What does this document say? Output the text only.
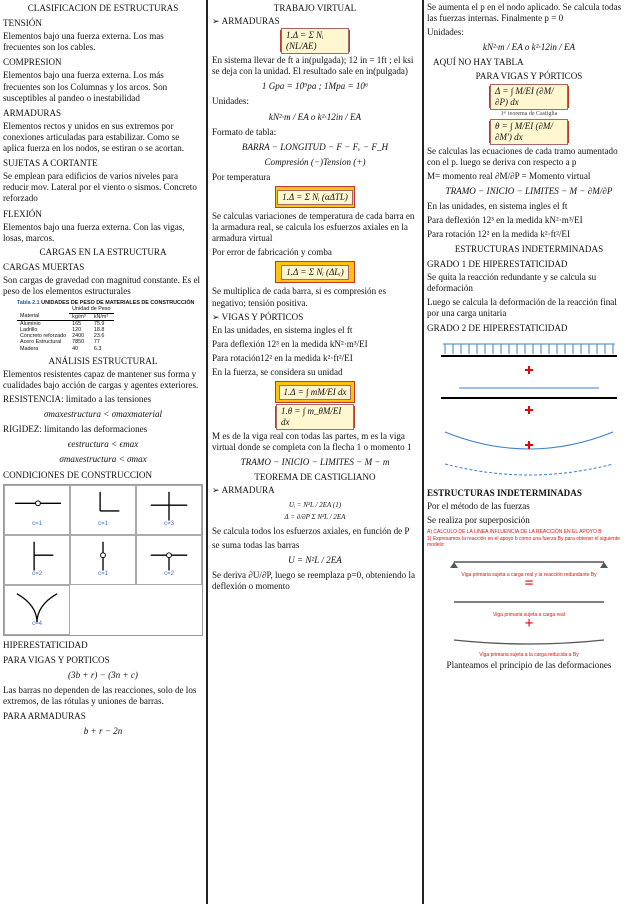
CLASIFICACION DE ESTRUCTURAS
TENSIÓN

Elementos bajo una fuerza externa. Los mas frecuentes son los cables.

COMPRESION

Elementos bajo una fuerza externa. Los más frecuentes son los Columnas y los arcos. Son susceptibles al pandeo o inestabilidad

ARMADURAS

Elementos rectos y unidos en sus extremos por conexiones articuladas para estabilizar. Como se aplica fuerza en los nodos, se estiran o se acortan.

SUJETAS A CORTANTE

Se emplean para edificios de varios niveles para reducir mov. Lateral por el viento o sismos. Concreto reforzado

FLEXIÓN

Elementos bajo una fuerza externa. Con las vigas, losas, marcos.

CARGAS EN LA ESTRUCTURA
CARGAS MUERTAS

Son cargas de gravedad con magnitud constante. Es el peso de los elementos estructurales

Tabla 2.1 UNIDADES DE PESO DE MATERIALES DE CONSTRUCCIÓN
	Unidad de Peso	
Material	kg/m³	kN/m³
Aluminio	165	75.9
Ladrillo	120	18.8
Concreto reforzado	2400	23.6
Acero Estructural	7850	77
Madera	40	6.3
ANÁLISIS ESTRUCTURAL

Elementos resistentes capaz de mantener sus forma y cualidades bajo acción de cargas y agentes exteriores.

RESISTENCIA: limitado a las tensiones

σmaxestructura < σmaxmaterial

RIGIDEZ: limitando las deformaciones

ϵestructura < ϵmax
σmaxestructura < σmax
CONDICIONES DE CONSTRUCCION
c=1	c=1	c=3
c=2	c=1	c=2
c=4
HIPERESTATICIDAD
PARA VIGAS Y PORTICOS
(3b + r) − (3n + c)

Las barras no dependen de las reacciones, solo de los extremos, de las rótulas y uniones de barras.

PARA ARMADURAS
b + r − 2n
TRABAJO VIRTUAL
➢ ARMADURAS
1.Δ = Σ Nᵢ (NL/AE)

En sistema llevar de ft a in(pulgada); 12 in = 1ft ; el ksi se deja con la unidad. El resultado sale en in(pulgada)

1 Gpa = 10⁹pa ; 1Mpa = 10⁶

Unidades:

kN²·m / EA o k²·12in / EA

Formato de tabla:

BARRA − LONGITUD − F − Fᵥ − F_H
Compresión (−)Tension (+)

Por temperatura

1.Δ = Σ Nᵢ (αΔTL)

Se calculas variaciones de temperatura de cada barra en la armadura real, se calcula los esfuerzos axiales en la armadura virtual

Por error de fabricación y comba

1.Δ = Σ Nᵢ (ΔLᵢ)

Se multiplica de cada barra, si es compresión es negativo; tensión positiva.

➢ VIGAS Y PÓRTICOS

En las unidades, en sistema ingles el ft

Para deflexión 12³ en la medida kN²·m³/EI

Para rotación12² en la medida k²·ft²/EI

En la fuerza, se considera su unidad

1.Δ = ∫ mM/EI dx
1.θ = ∫ m_θM/EI dx

M es de la viga real con todas las partes, m es la viga virtual donde se completa con la flecha 1 o momento 1

TRAMO − INICIO − LIMITES − M − m
TEOREMA DE CASTIGLIANO
➢ ARMADURA
Uᵢ = N²L / 2EA (1)
Δ = ∂/∂P Σ N²L / 2EA

Se calcula todos los esfuerzos axiales, en función de P

se suma todas las barras

U = N²L / 2EA

Se deriva ∂U/∂P, luego se reemplaza p=0, obteniendo la deflexión o momento

Se aumenta el p en el nodo aplicado. Se calcula todas las fuerzas internas. Finalmente p = 0

Unidades:

kN²·m / EA o k²·12in / EA
AQUÍ NO HAY TABLA
PARA VIGAS Y PÓRTICOS
Δ = ∫ M/EI (∂M/∂P) dx
1ᵉʳ teorema de Castiglia
θ = ∫ M/EI (∂M/∂M') dx

Se calculas las ecuaciones de cada tramo aumentado con el p. luego se deriva con respecto a p

M= momento real ∂M/∂P = Momento virtual

TRAMO − INICIO − LIMITES − M − ∂M/∂P

En las unidades, en sistema ingles el ft

Para deflexión 12³ en la medida kN²·m³/EI

Para rotación 12² en la medida k²·ft²/EI

ESTRUCTURAS INDETERMINADAS
GRADO 1 DE HIPERESTATICIDAD

Se quita la reacción redundante y se calcula su deformación

Luego se calcula la deformación de la reacción final por una carga unitaria

GRADO 2 DE HIPERESTATICIDAD
ESTRUCTURAS INDETERMINADAS

Por el método de las fuerzas

Se realiza por superposición

A) CALCULO DE LA LINEA INFLUENCIA DE LA REACCIÓN EN EL APOYO B
1) Expresamos la reacción en el apoyo b como una fuerza By para obtener el siguiente modelo:
Viga primaria sujeta a carga real y la reacción redundante By
=
Viga primaria sujeta a carga real
+
Viga primaria sujeta a la carga reducida a By

Planteamos el principio de las deformaciones
